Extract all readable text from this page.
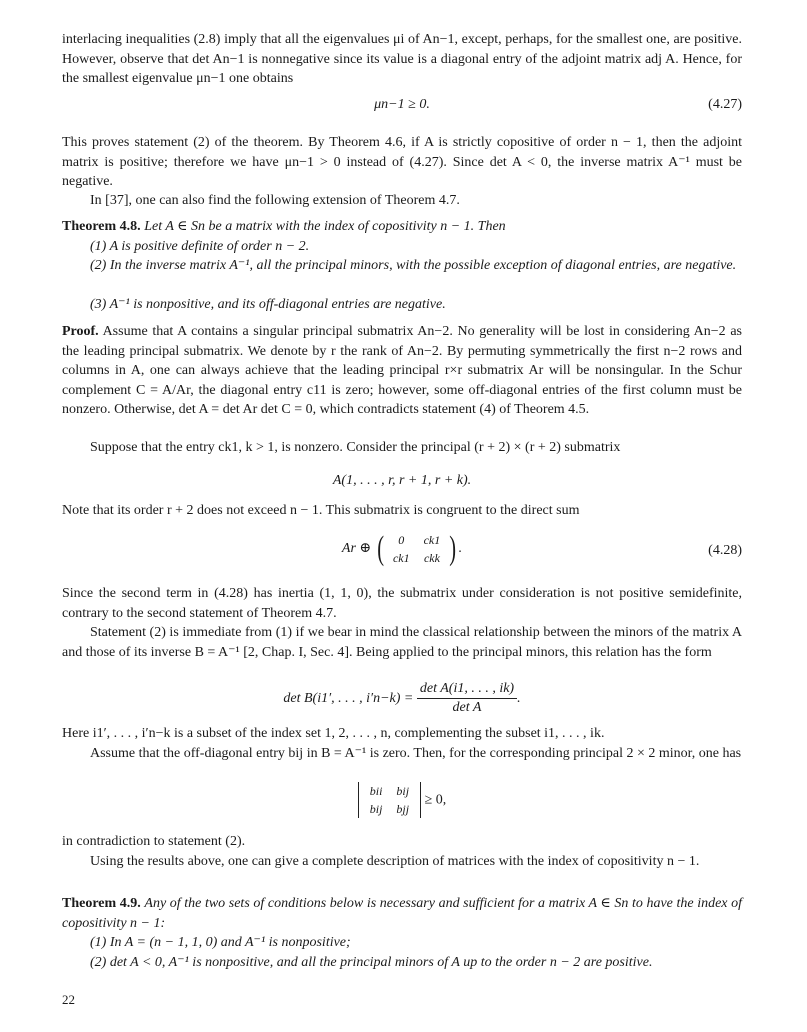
interlacing inequalities (2.8) imply that all the eigenvalues μi of An−1, except, perhaps, for the smallest one, are positive. However, observe that det An−1 is nonnegative since its value is a diagonal entry of the adjoint matrix adj A. Hence, for the smallest eigenvalue μn−1 one obtains

μn−1 ≥ 0.	(4.27)

This proves statement (2) of the theorem. By Theorem 4.6, if A is strictly copositive of order n − 1, then the adjoint matrix is positive; therefore we have μn−1 > 0 instead of (4.27). Since det A < 0, the inverse matrix A⁻¹ must be negative.

In [37], one can also find the following extension of Theorem 4.7.

Theorem 4.8. Let A ∈ Sn be a matrix with the index of copositivity n − 1. Then

(1) A is positive definite of order n − 2.
(2) In the inverse matrix A⁻¹, all the principal minors, with the possible exception of diagonal entries, are negative.
(3) A⁻¹ is nonpositive, and its off-diagonal entries are negative.

Proof. Assume that A contains a singular principal submatrix An−2. No generality will be lost in considering An−2 as the leading principal submatrix. We denote by r the rank of An−2. By permuting symmetrically the first n−2 rows and columns in A, one can always achieve that the leading principal r×r submatrix Ar will be nonsingular. In the Schur complement C = A/Ar, the diagonal entry c11 is zero; however, some off-diagonal entries of the first column must be nonzero. Otherwise, det A = det Ar det C = 0, which contradicts statement (4) of Theorem 4.5.

Suppose that the entry ck1, k > 1, is nonzero. Consider the principal (r + 2) × (r + 2) submatrix

A(1, . . . , r, r + 1, r + k).

Note that its order r + 2 does not exceed n − 1. This submatrix is congruent to the direct sum

Ar ⊕ ( 0	ck1
ck1	ckk ) .	(4.28)

Since the second term in (4.28) has inertia (1, 1, 0), the submatrix under consideration is not positive semidefinite, contrary to the second statement of Theorem 4.7.

Statement (2) is immediate from (1) if we bear in mind the classical relationship between the minors of the matrix A and those of its inverse B = A⁻¹ [2, Chap. I, Sec. 4]. Being applied to the principal minors, this relation has the form

det B(i1′, . . . , $i'n-k) = \frac{\text{det A(i1, . . . , ik)}}{\text{det A}}$ .

Here i1′, . . . , i′n−k is a subset of the index set 1, 2, . . . , n, complementing the subset i1, . . . , ik.

Assume that the off-diagonal entry bij in B = A⁻¹ is zero. Then, for the corresponding principal 2 × 2 minor, one has

bii	bij
bij	bjj
≥ 0,

in contradiction to statement (2).

Using the results above, one can give a complete description of matrices with the index of copositivity n − 1.

Theorem 4.9. Any of the two sets of conditions below is necessary and sufficient for a matrix A ∈ Sn to have the index of copositivity n − 1:

(1) In A = (n − 1, 1, 0) and A⁻¹ is nonpositive;
(2) det A < 0, A⁻¹ is nonpositive, and all the principal minors of A up to the order n − 2 are positive.
22
